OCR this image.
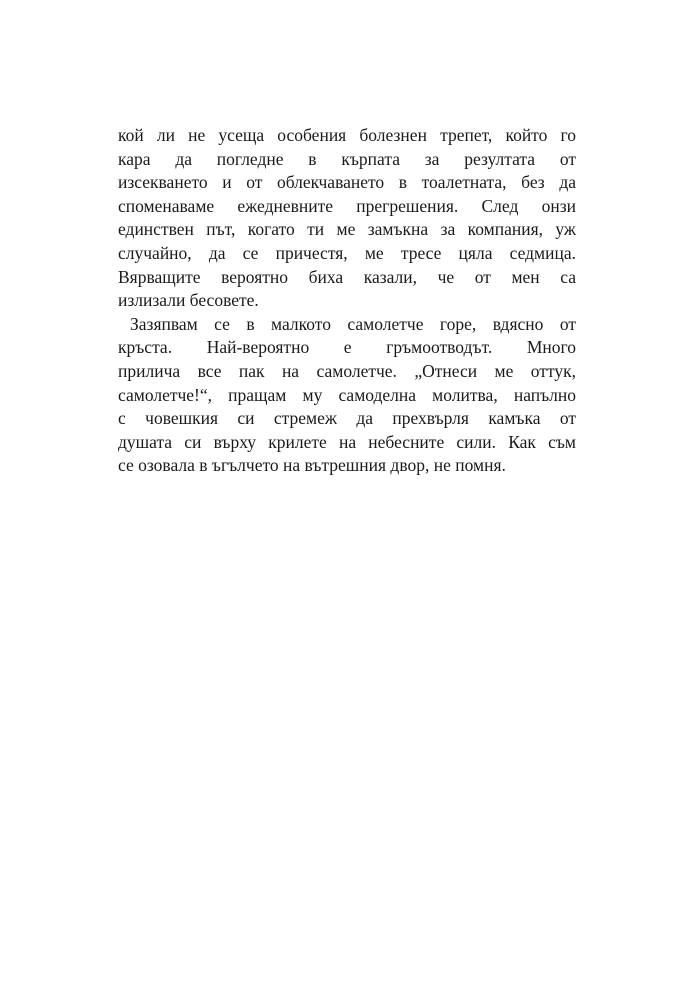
кой ли не усеща особения болезнен трепет, който го
кара да погледне в кърпата за резултата от
изсекването и от облекчаването в тоалетната, без да
споменаваме ежедневните прегрешения. След онзи
единствен път, когато ти ме замъкна за компания, уж
случайно, да се причестя, ме тресе цяла седмица.
Вярващите вероятно биха казали, че от мен са
излизали бесовете.
Зазяпвам се в малкото самолетче горе, вдясно от
кръста. Най-вероятно е гръмоотводът. Много
прилича все пак на самолетче. „Отнеси ме оттук,
самолетче!“, пращам му самоделна молитва, напълно
с човешкия си стремеж да прехвърля камъка от
душата си върху крилете на небесните сили. Как съм
се озовала в ъгълчето на вътрешния двор, не помня.
